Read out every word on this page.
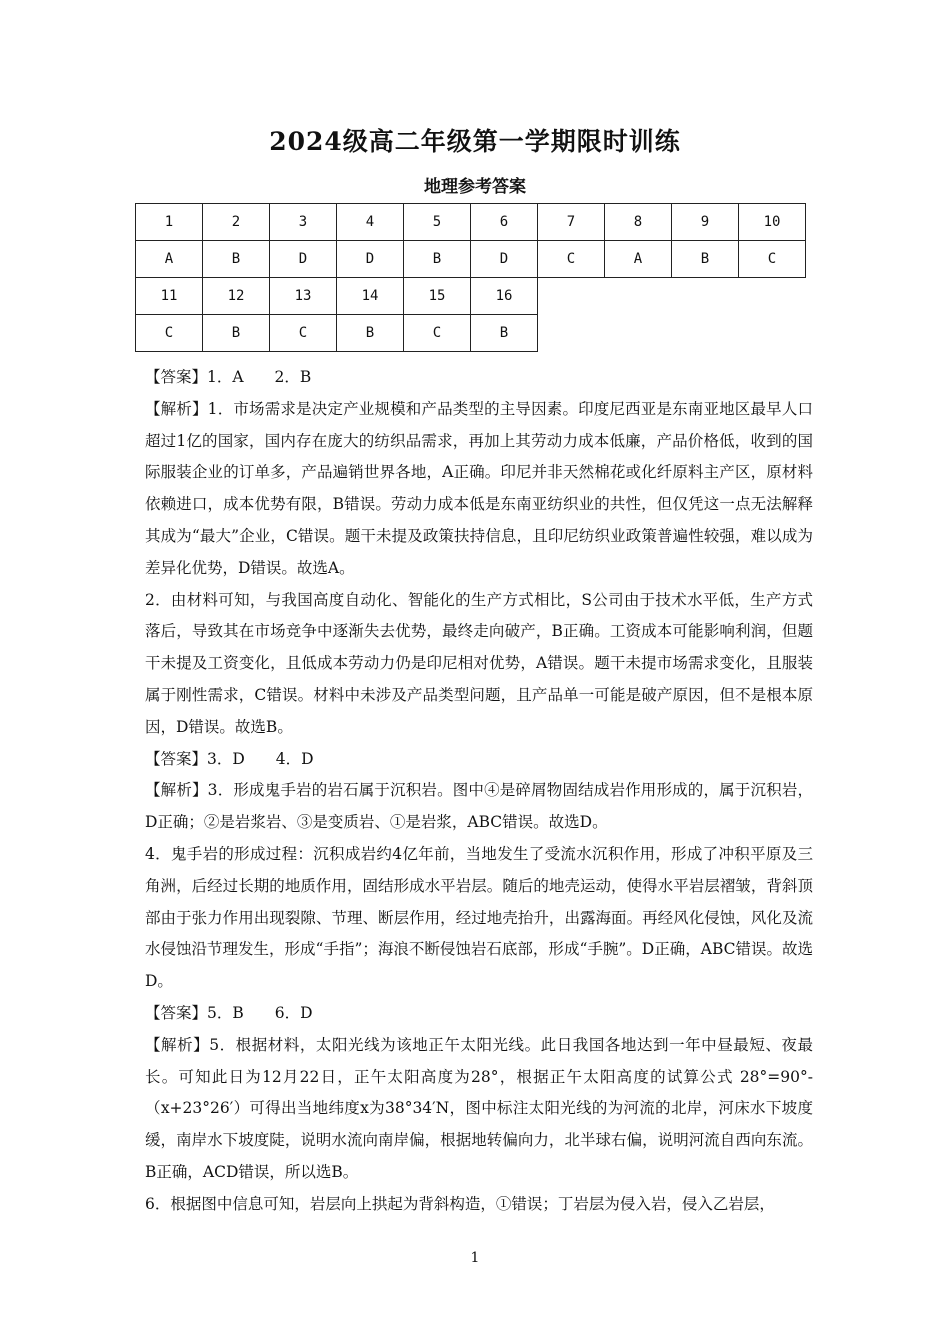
2024级高二年级第一学期限时训练
地理参考答案
1	2	3	4	5	6	7	8	9	10
A	B	D	D	B	D	C	A	B	C
11	12	13	14	15	16				
C	B	C	B	C	B				

【答案】1．A　　2．B

【解析】1．市场需求是决定产业规模和产品类型的主导因素。印度尼西亚是东南亚地区最早人口超过1亿的国家，国内存在庞大的纺织品需求，再加上其劳动力成本低廉，产品价格低，收到的国际服装企业的订单多，产品遍销世界各地，A正确。印尼并非天然棉花或化纤原料主产区，原材料依赖进口，成本优势有限，B错误。劳动力成本低是东南亚纺织业的共性，但仅凭这一点无法解释其成为“最大”企业，C错误。题干未提及政策扶持信息，且印尼纺织业政策普遍性较强，难以成为差异化优势，D错误。故选A。

2．由材料可知，与我国高度自动化、智能化的生产方式相比，S公司由于技术水平低，生产方式落后，导致其在市场竞争中逐渐失去优势，最终走向破产，B正确。工资成本可能影响利润，但题干未提及工资变化，且低成本劳动力仍是印尼相对优势，A错误。题干未提市场需求变化，且服装属于刚性需求，C错误。材料中未涉及产品类型问题，且产品单一可能是破产原因，但不是根本原因，D错误。故选B。

【答案】3．D　　4．D

【解析】3．形成鬼手岩的岩石属于沉积岩。图中④是碎屑物固结成岩作用形成的，属于沉积岩，D正确；②是岩浆岩、③是变质岩、①是岩浆，ABC错误。故选D。

4．鬼手岩的形成过程：沉积成岩约4亿年前，当地发生了受流水沉积作用，形成了冲积平原及三角洲，后经过长期的地质作用，固结形成水平岩层。随后的地壳运动，使得水平岩层褶皱，背斜顶部由于张力作用出现裂隙、节理、断层作用，经过地壳抬升，出露海面。再经风化侵蚀，风化及流水侵蚀沿节理发生，形成“手指”；海浪不断侵蚀岩石底部，形成“手腕”。D正确，ABC错误。故选D。

【答案】5．B　　6．D

【解析】5．根据材料，太阳光线为该地正午太阳光线。此日我国各地达到一年中昼最短、夜最长。可知此日为12月22日，正午太阳高度为28°，根据正午太阳高度的试算公式 28°=90°-（x+23°26′）可得出当地纬度x为38°34′N，图中标注太阳光线的为河流的北岸，河床水下坡度缓，南岸水下坡度陡，说明水流向南岸偏，根据地转偏向力，北半球右偏，说明河流自西向东流。B正确，ACD错误，所以选B。

6．根据图中信息可知，岩层向上拱起为背斜构造，①错误；丁岩层为侵入岩，侵入乙岩层，

1
